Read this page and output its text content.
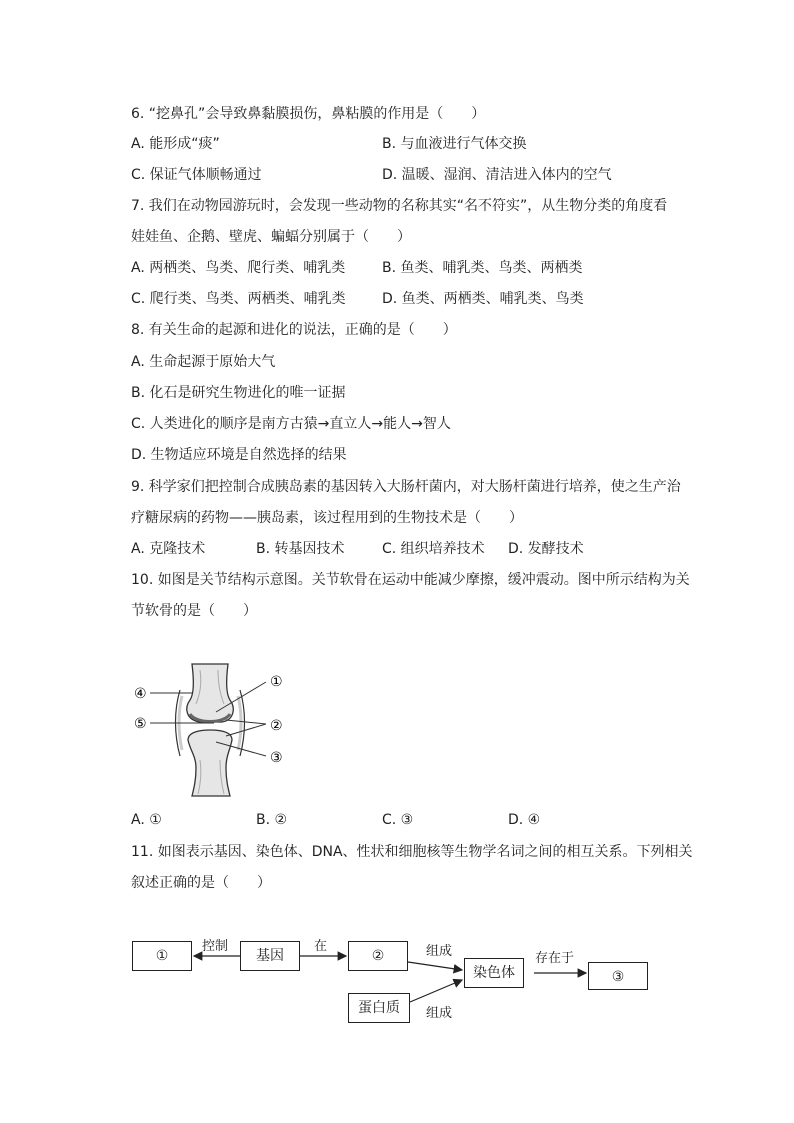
6. “挖鼻孔”会导致鼻黏膜损伤，鼻粘膜的作用是（　　）
A. 能形成“痰”	B. 与血液进行气体交换
C. 保证气体顺畅通过	D. 温暖、湿润、清洁进入体内的空气
7. 我们在动物园游玩时，会发现一些动物的名称其实“名不符实”，从生物分类的角度看
娃娃鱼、企鹅、壁虎、蝙蝠分别属于（　　）
A. 两栖类、鸟类、爬行类、哺乳类	B. 鱼类、哺乳类、鸟类、两栖类
C. 爬行类、鸟类、两栖类、哺乳类	D. 鱼类、两栖类、哺乳类、鸟类
8. 有关生命的起源和进化的说法，正确的是（　　）
A. 生命起源于原始大气
B. 化石是研究生物进化的唯一证据
C. 人类进化的顺序是南方古猿→直立人→能人→智人
D. 生物适应环境是自然选择的结果
9. 科学家们把控制合成胰岛素的基因转入大肠杆菌内，对大肠杆菌进行培养，使之生产治
疗糖尿病的药物——胰岛素，该过程用到的生物技术是（　　）
A. 克隆技术	B. 转基因技术	C. 组织培养技术 D. 发酵技术
10. 如图是关节结构示意图。关节软骨在运动中能减少摩擦，缓冲震动。图中所示结构为关
节软骨的是（　　）
④
⑤
①
②
③
A. ①	B. ②	C. ③	D. ④
11. 如图表示基因、染色体、DNA、性状和细胞核等生物学名词之间的相互关系。下列相关
叙述正确的是（　　）
①	基因	②
染色体	③
蛋白质
控制	在	组成
组成
存在于
